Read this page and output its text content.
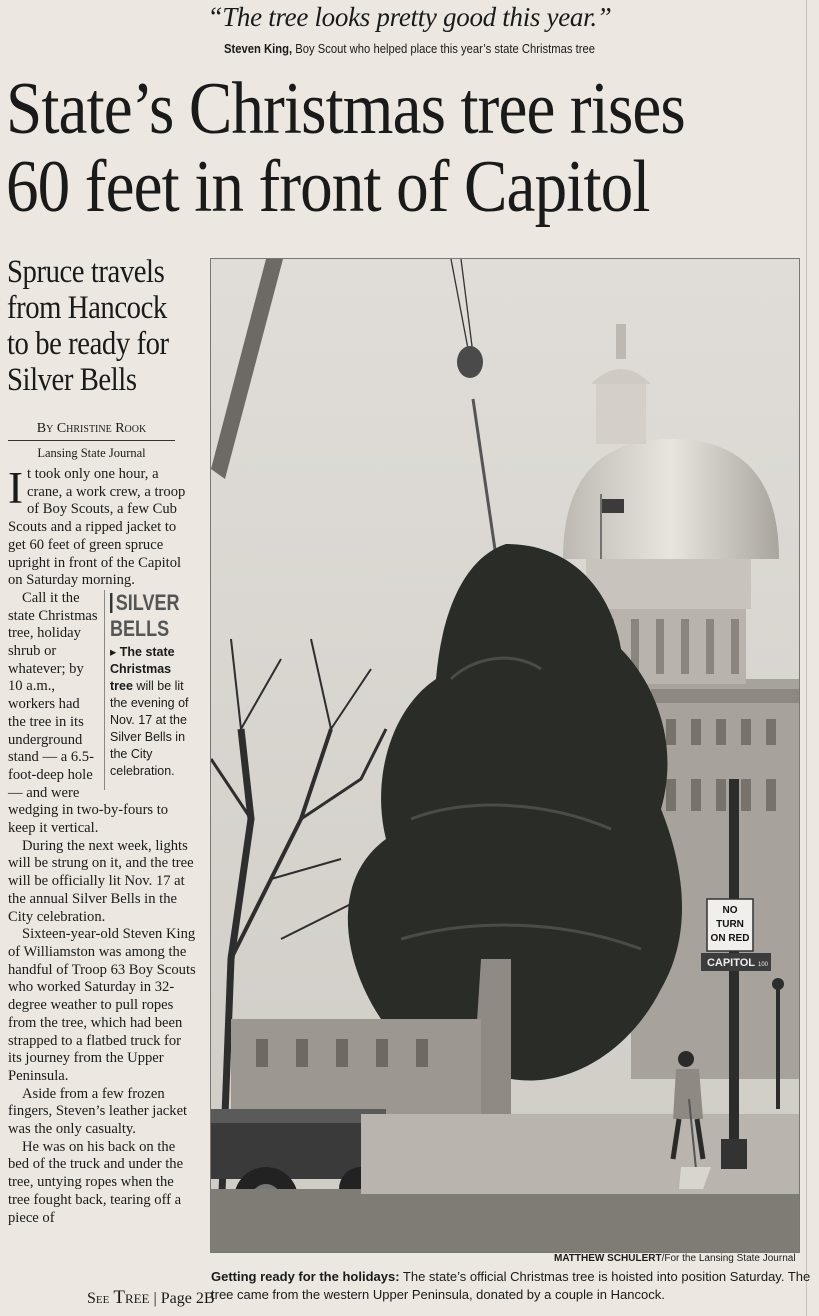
“The tree looks pretty good this year.”
Steven King, Boy Scout who helped place this year’s state Christmas tree
State’s Christmas tree rises
60 feet in front of Capitol
Spruce travels
from Hancock
to be ready for
Silver Bells
By Christine Rook
Lansing State Journal

It took only one hour, a crane, a work crew, a troop of Boy Scouts, a few Cub Scouts and a ripped jacket to get 60 feet of green spruce upright in front of the Capitol on Saturday morning.

SILVER
BELLS
▸ The state Christmas tree will be lit the evening of Nov. 17 at the Silver Bells in the City celebration.
Call it the state Christmas tree, holiday shrub or whatever; by 10 a.m., workers had the tree in its underground stand — a 6.5-foot-deep hole — and were wedging in two-by-fours to keep it vertical.

During the next week, lights will be strung on it, and the tree will be officially lit Nov. 17 at the annual Silver Bells in the City celebration.

Sixteen-year-old Steven King of Williamston was among the handful of Troop 63 Boy Scouts who worked Saturday in 32-degree weather to pull ropes from the tree, which had been strapped to a flatbed truck for its journey from the Upper Peninsula.

Aside from a few frozen fingers, Steven’s leather jacket was the only casualty.

He was on his back on the bed of the truck and under the tree, untying ropes when the tree fought back, tearing off a piece of

NO
TURN
ON RED
CAPITOL 100
MATTHEW SCHULERT/For the Lansing State Journal
Getting ready for the holidays: The state’s official Christmas tree is hoisted into position Saturday. The tree came from the western Upper Peninsula, donated by a couple in Hancock.
See Tree | Page 2B
